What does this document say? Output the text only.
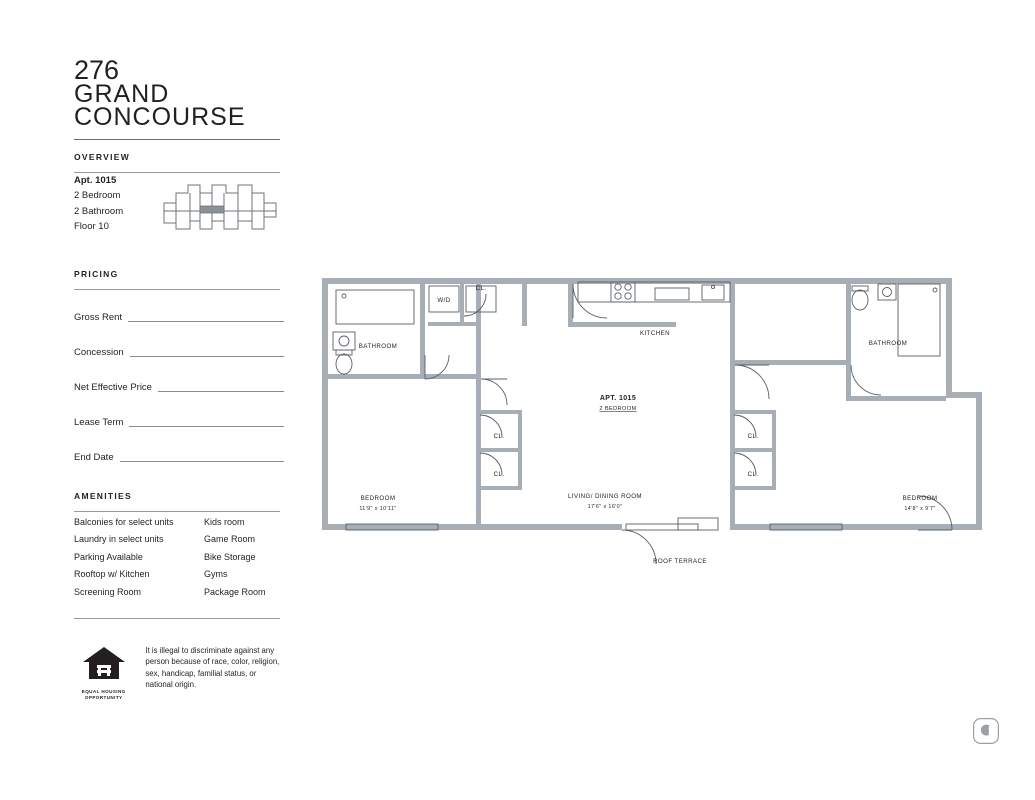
276
GRAND
CONCOURSE
OVERVIEW
Apt. 1015
2 Bedroom
2 Bathroom
Floor 10
PRICING
Gross Rent
Concession
Net Effective Price
Lease Term
End Date
AMENITIES
Balconies for select units	Kids room
Laundry in select units	Game Room
Parking Available	Bike Storage
Rooftop w/ Kitchen	Gyms
Screening Room	Package Room
EQUAL HOUSING
OPPORTUNITY
It is illegal to discriminate against any person because of race, color, religion, sex, handicap, familial status, or national origin.
BATHROOM
W/D
CL.
KITCHEN
BATHROOM
CL.
CL.
CL.
CL.
BEDROOM
11'9" x 10'11"
LIVING/ DINING ROOM
17'6" x 16'0"
BEDROOM
14'8" x 9'7"
ROOF TERRACE
APT. 1015
2 BEDROOM
